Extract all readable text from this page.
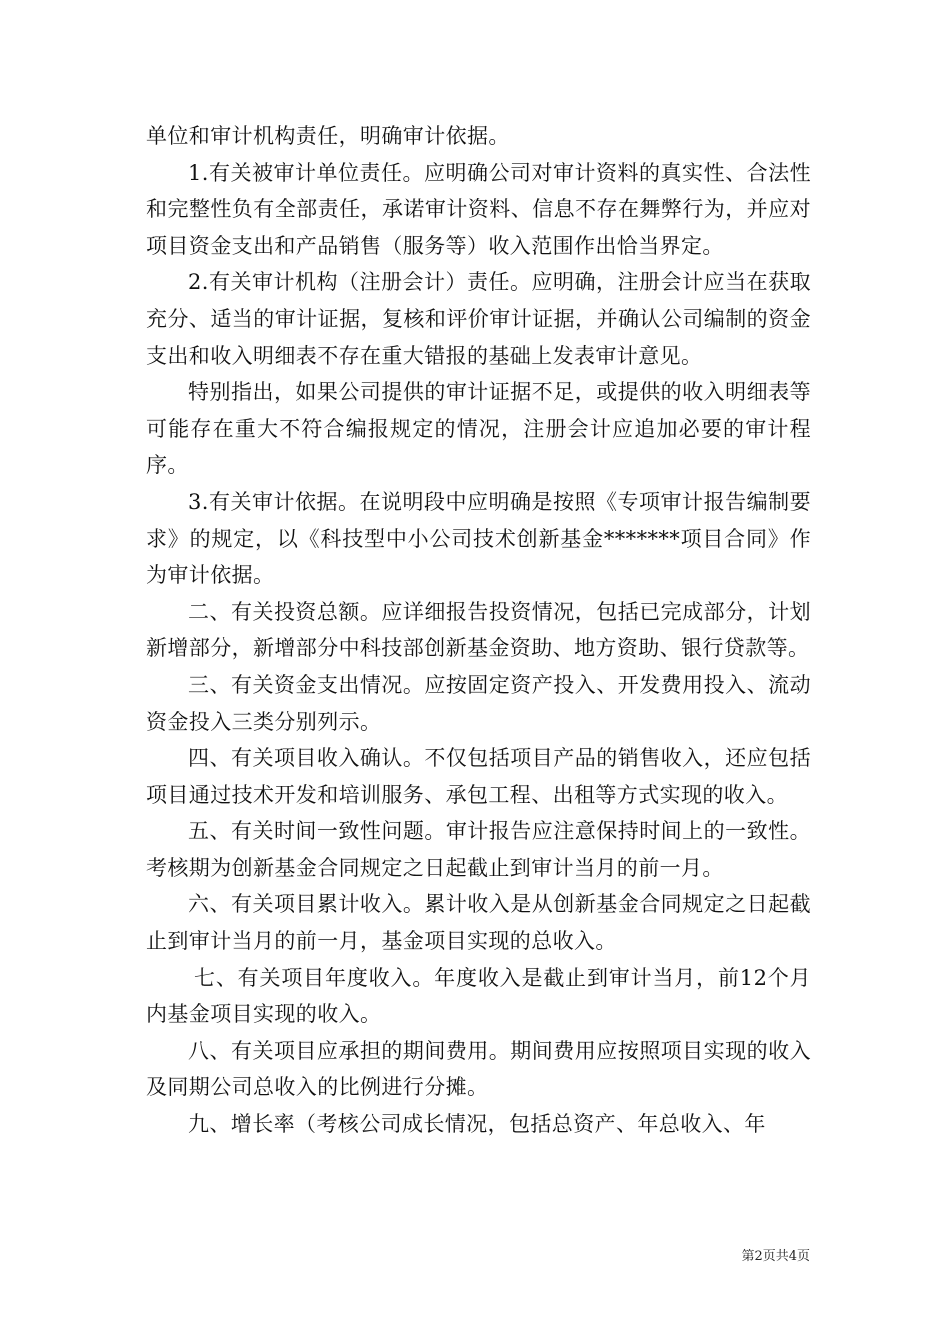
单位和审计机构责任，明确审计依据。

1.有关被审计单位责任。应明确公司对审计资料的真实性、合法性和完整性负有全部责任，承诺审计资料、信息不存在舞弊行为，并应对项目资金支出和产品销售（服务等）收入范围作出恰当界定。

2.有关审计机构（注册会计）责任。应明确，注册会计应当在获取充分、适当的审计证据，复核和评价审计证据，并确认公司编制的资金支出和收入明细表不存在重大错报的基础上发表审计意见。

特别指出，如果公司提供的审计证据不足，或提供的收入明细表等可能存在重大不符合编报规定的情况，注册会计应追加必要的审计程序。

3.有关审计依据。在说明段中应明确是按照《专项审计报告编制要求》的规定，以《科技型中小公司技术创新基金*******项目合同》作为审计依据。

二、有关投资总额。应详细报告投资情况，包括已完成部分，计划新增部分，新增部分中科技部创新基金资助、地方资助、银行贷款等。

三、有关资金支出情况。应按固定资产投入、开发费用投入、流动资金投入三类分别列示。

四、有关项目收入确认。不仅包括项目产品的销售收入，还应包括项目通过技术开发和培训服务、承包工程、出租等方式实现的收入。

五、有关时间一致性问题。审计报告应注意保持时间上的一致性。考核期为创新基金合同规定之日起截止到审计当月的前一月。

六、有关项目累计收入。累计收入是从创新基金合同规定之日起截止到审计当月的前一月，基金项目实现的总收入。

七、有关项目年度收入。年度收入是截止到审计当月，前12个月内基金项目实现的收入。

八、有关项目应承担的期间费用。期间费用应按照项目实现的收入及同期公司总收入的比例进行分摊。

九、增长率（考核公司成长情况，包括总资产、年总收入、年

第2页共4页
